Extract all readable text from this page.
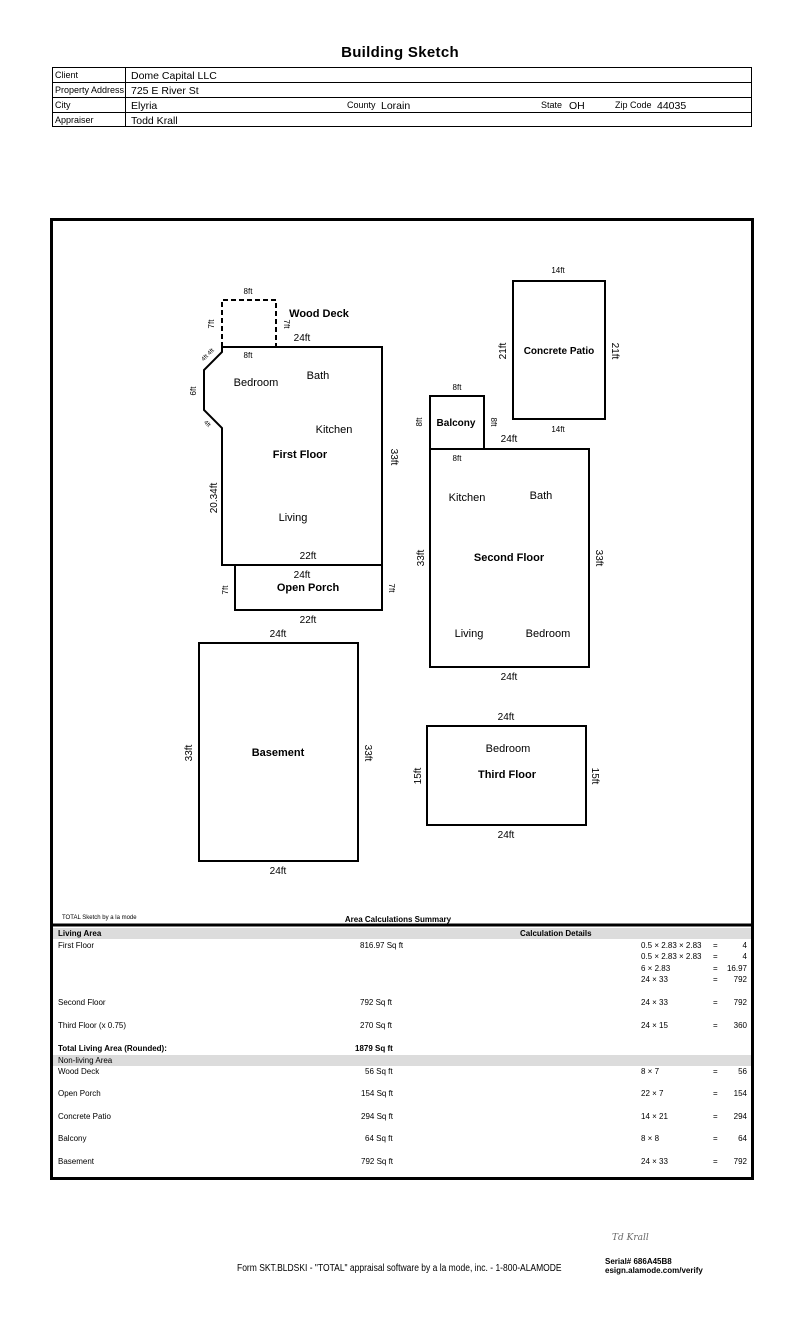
Building Sketch
Client	Dome Capital LLC
Property Address 725 E River St
City	Elyria	County Lorain	State OH	Zip Code 44035
Appraiser	Todd Krall
Wood Deck
First Floor
Open Porch
Concrete Patio
Balcony
Second Floor
Basement
Third Floor
Bedroom
Bath
Kitchen
Living
Kitchen	Bath
Living	Bedroom
Bedroom
24ft
22ft
24ft
22ft
24ft
24ft
24ft
24ft
24ft
24ft
33ft
20.34ft
33ft	33ft
33ft	33ft
15ft	15ft
21ft	21ft
8ft
7ft	7ft
8ft
4ft 4ft
6ft
4ft
7ft	7ft
14ft
14ft
8ft
8ft	8ft
8ft
TOTAL Sketch by a la mode	Area Calculations Summary
Living Area	Calculation Details
First Floor	816.97 Sq ft	0.5 × 2.83 × 2.83 =	4
0.5 × 2.83 × 2.83 =	4
6 × 2.83	=	16.97
24 × 33	=	792
Second Floor	792 Sq ft	24 × 33	=	792
Third Floor (x 0.75)	270 Sq ft	24 × 15	=	360
Total Living Area (Rounded):	1879 Sq ft
Non-living Area
Wood Deck	56 Sq ft	8 × 7	=	56
Open Porch	154 Sq ft	22 × 7	=	154
Concrete Patio	294 Sq ft	14 × 21	=	294
Balcony	64 Sq ft	8 × 8	=	64
Basement	792 Sq ft	24 × 33	=	792
Td Krall
Form SKT.BLDSKI - "TOTAL" appraisal software by a la mode, inc. - 1-800-ALAMODE
Serial# 686A45B8
esign.alamode.com/verify
